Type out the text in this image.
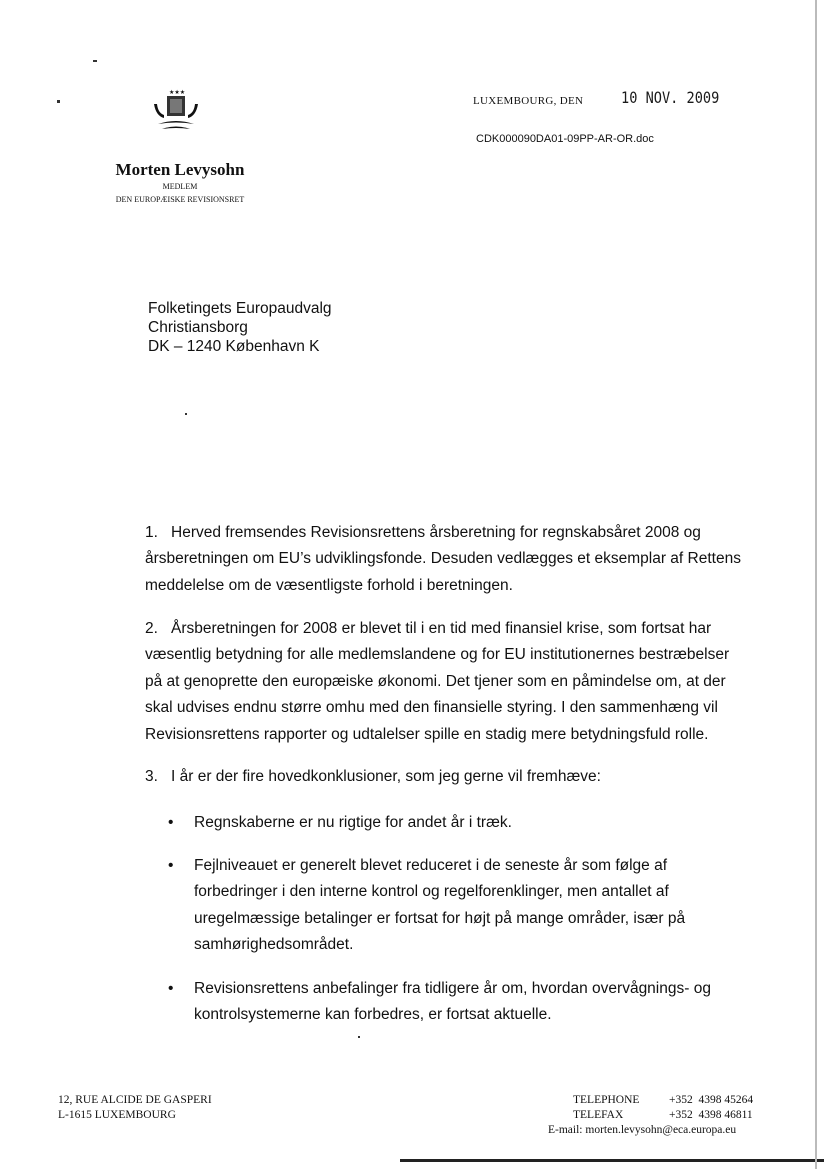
★★★
Morten Levysohn
MEDLEM
DEN EUROPÆISKE REVISIONSRET
LUXEMBOURG, DEN 10 NOV. 2009
CDK000090DA01-09PP-AR-OR.doc
Folketingets Europaudvalg
Christiansborg
DK – 1240 København K

1. Herved fremsendes Revisionsrettens årsberetning for regnskabsåret 2008 og årsberetningen om EU’s udviklingsfonde. Desuden vedlægges et eksemplar af Rettens meddelelse om de væsentligste forhold i beretningen.

2. Årsberetningen for 2008 er blevet til i en tid med finansiel krise, som fortsat har væsentlig betydning for alle medlemslandene og for EU institutionernes bestræbelser på at genoprette den europæiske økonomi. Det tjener som en påmindelse om, at der skal udvises endnu større omhu med den finansielle styring. I den sammenhæng vil Revisionsrettens rapporter og udtalelser spille en stadig mere betydningsfuld rolle.

3. I år er der fire hovedkonklusioner, som jeg gerne vil fremhæve:

•	Regnskaberne er nu rigtige for andet år i træk.
•	Fejlniveauet er generelt blevet reduceret i de seneste år som følge af forbedringer i den interne kontrol og regelforenklinger, men antallet af uregelmæssige betalinger er fortsat for højt på mange områder, især på samhørighedsområdet.
•	Revisionsrettens anbefalinger fra tidligere år om, hvordan overvågnings- og kontrolsystemerne kan forbedres, er fortsat aktuelle.
12, RUE ALCIDE DE GASPERI
L-1615 LUXEMBOURG
TELEPHONE	+352  4398 45264
TELEFAX	+352  4398 46811
E-mail: morten.levysohn@eca.europa.eu
